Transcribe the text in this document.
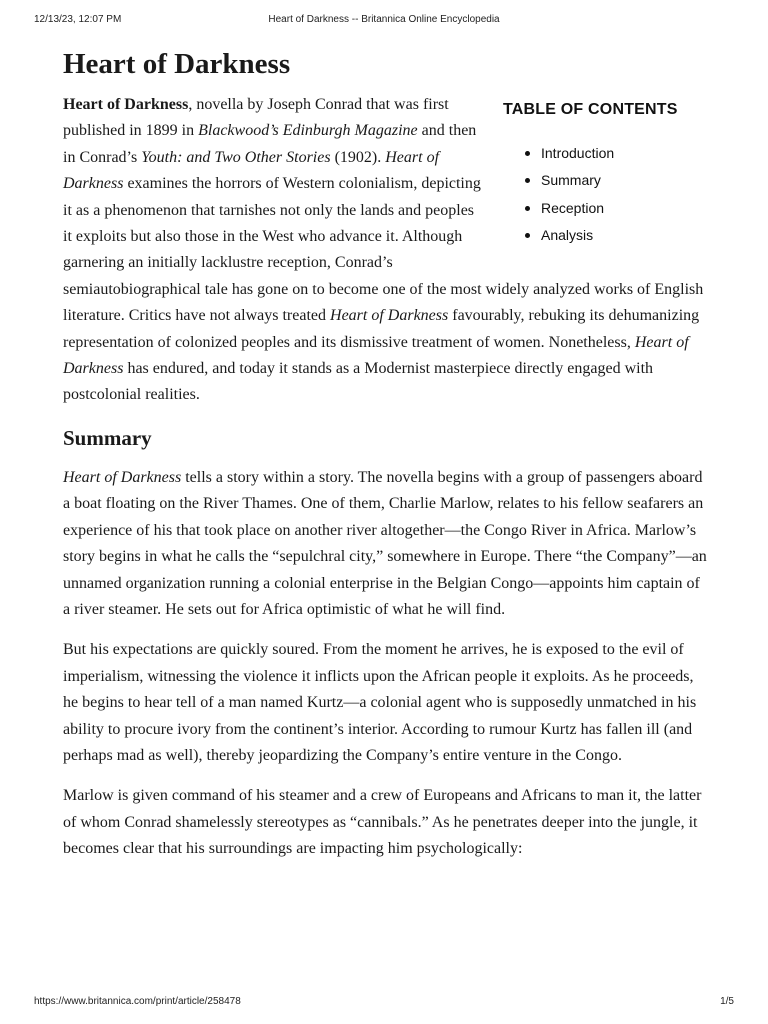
12/13/23, 12:07 PM	Heart of Darkness -- Britannica Online Encyclopedia
Heart of Darkness
TABLE OF CONTENTS
Introduction
Summary
Reception
Analysis

Heart of Darkness, novella by Joseph Conrad that was first published in 1899 in Blackwood’s Edinburgh Magazine and then in Conrad’s Youth: and Two Other Stories (1902). Heart of Darkness examines the horrors of Western colonialism, depicting it as a phenomenon that tarnishes not only the lands and peoples it exploits but also those in the West who advance it. Although garnering an initially lacklustre reception, Conrad’s semiautobiographical tale has gone on to become one of the most widely analyzed works of English literature. Critics have not always treated Heart of Darkness favourably, rebuking its dehumanizing representation of colonized peoples and its dismissive treatment of women. Nonetheless, Heart of Darkness has endured, and today it stands as a Modernist masterpiece directly engaged with postcolonial realities.

Summary

Heart of Darkness tells a story within a story. The novella begins with a group of passengers aboard a boat floating on the River Thames. One of them, Charlie Marlow, relates to his fellow seafarers an experience of his that took place on another river altogether—the Congo River in Africa. Marlow’s story begins in what he calls the “sepulchral city,” somewhere in Europe. There “the Company”—an unnamed organization running a colonial enterprise in the Belgian Congo—appoints him captain of a river steamer. He sets out for Africa optimistic of what he will find.

But his expectations are quickly soured. From the moment he arrives, he is exposed to the evil of imperialism, witnessing the violence it inflicts upon the African people it exploits. As he proceeds, he begins to hear tell of a man named Kurtz—a colonial agent who is supposedly unmatched in his ability to procure ivory from the continent’s interior. According to rumour Kurtz has fallen ill (and perhaps mad as well), thereby jeopardizing the Company’s entire venture in the Congo.

Marlow is given command of his steamer and a crew of Europeans and Africans to man it, the latter of whom Conrad shamelessly stereotypes as “cannibals.” As he penetrates deeper into the jungle, it becomes clear that his surroundings are impacting him psychologically:

https://www.britannica.com/print/article/258478	1/5
